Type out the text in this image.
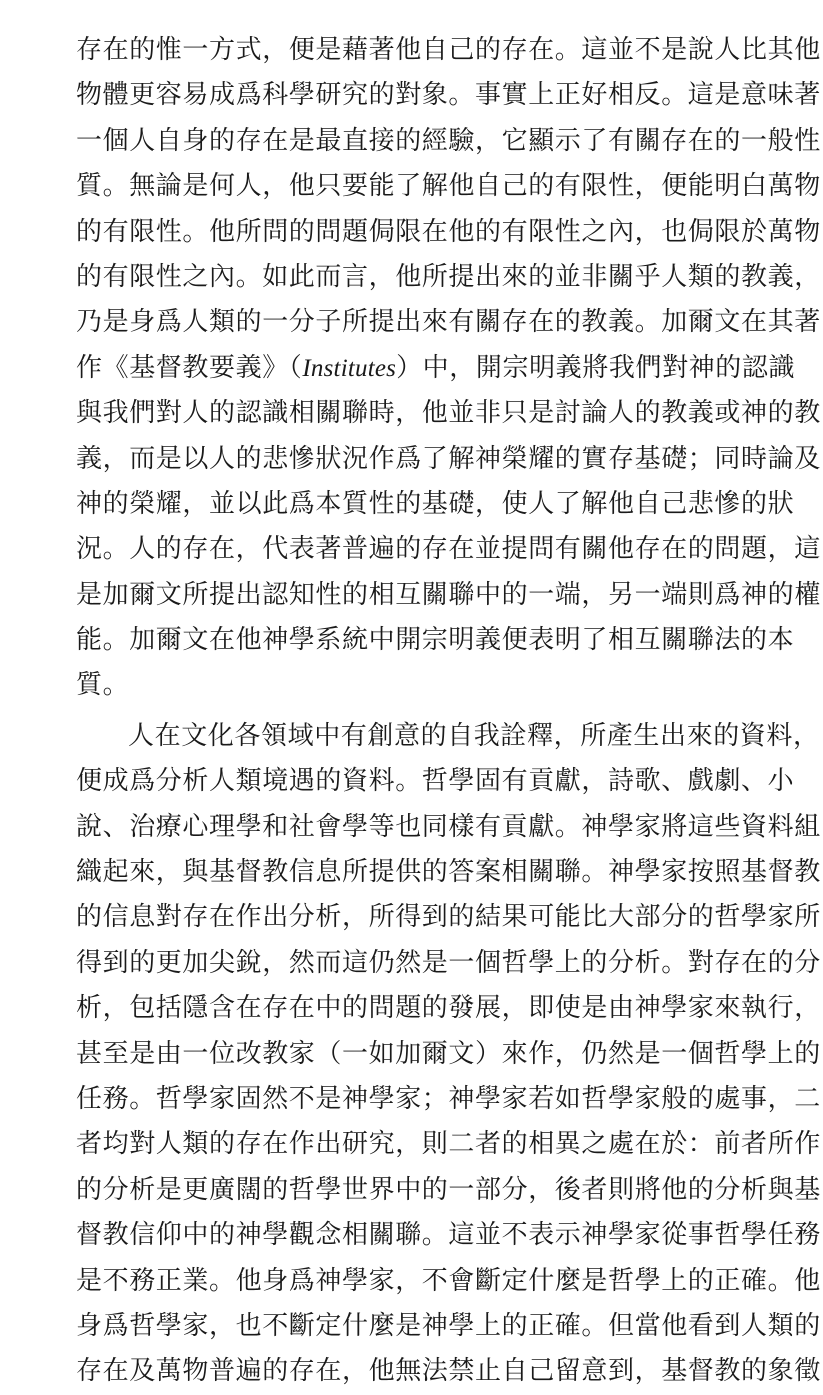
存在的惟一方式，便是藉著他自己的存在。這並不是說人比其他
物體更容易成爲科學研究的對象。事實上正好相反。這是意味著
一個人自身的存在是最直接的經驗，它顯示了有關存在的一般性
質。無論是何人，他只要能了解他自己的有限性，便能明白萬物
的有限性。他所問的問題侷限在他的有限性之內，也侷限於萬物
的有限性之內。如此而言，他所提出來的並非關乎人類的教義，
乃是身爲人類的一分子所提出來有關存在的教義。加爾文在其著
作《基督教要義》（Institutes）中，開宗明義將我們對神的認識
與我們對人的認識相關聯時，他並非只是討論人的教義或神的教
義，而是以人的悲慘狀況作爲了解神榮耀的實存基礎；同時論及
神的榮耀，並以此爲本質性的基礎，使人了解他自己悲慘的狀
況。人的存在，代表著普遍的存在並提問有關他存在的問題，這
是加爾文所提出認知性的相互關聯中的一端，另一端則爲神的權
能。加爾文在他神學系統中開宗明義便表明了相互關聯法的本
質。
人在文化各領域中有創意的自我詮釋，所產生出來的資料，
便成爲分析人類境遇的資料。哲學固有貢獻，詩歌、戲劇、小
說、治療心理學和社會學等也同樣有貢獻。神學家將這些資料組
織起來，與基督教信息所提供的答案相關聯。神學家按照基督教
的信息對存在作出分析，所得到的結果可能比大部分的哲學家所
得到的更加尖銳，然而這仍然是一個哲學上的分析。對存在的分
析，包括隱含在存在中的問題的發展，即使是由神學家來執行，
甚至是由一位改教家（一如加爾文）來作，仍然是一個哲學上的
任務。哲學家固然不是神學家；神學家若如哲學家般的處事，二
者均對人類的存在作出研究，則二者的相異之處在於：前者所作
的分析是更廣闊的哲學世界中的一部分，後者則將他的分析與基
督教信仰中的神學觀念相關聯。這並不表示神學家從事哲學任務
是不務正業。他身爲神學家，不會斷定什麼是哲學上的正確。他
身爲哲學家，也不斷定什麼是神學上的正確。但當他看到人類的
存在及萬物普遍的存在，他無法禁止自己留意到，基督教的象徵
